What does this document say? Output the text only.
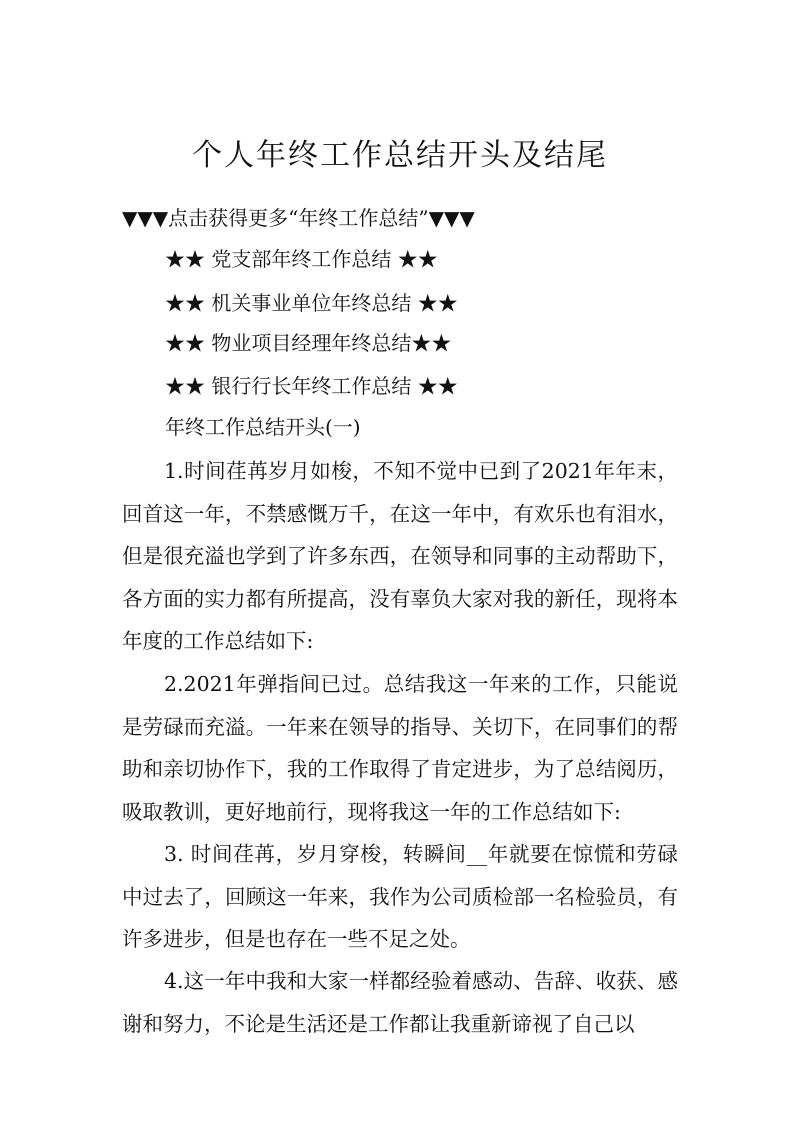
个人年终工作总结开头及结尾

▼▼▼点击获得更多“年终工作总结”▼▼▼

★★ 党支部年终工作总结 ★★

★★ 机关事业单位年终总结 ★★

★★ 物业项目经理年终总结★★

★★ 银行行长年终工作总结 ★★

年终工作总结开头(一)

1.时间荏苒岁月如梭，不知不觉中已到了2021年年末，回首这一年，不禁感慨万千，在这一年中，有欢乐也有泪水，但是很充溢也学到了许多东西，在领导和同事的主动帮助下，各方面的实力都有所提高，没有辜负大家对我的新任，现将本年度的工作总结如下:

2.2021年弹指间已过。总结我这一年来的工作，只能说是劳碌而充溢。一年来在领导的指导、关切下，在同事们的帮助和亲切协作下，我的工作取得了肯定进步，为了总结阅历，吸取教训，更好地前行，现将我这一年的工作总结如下:

3. 时间荏苒，岁月穿梭，转瞬间__年就要在惊慌和劳碌中过去了，回顾这一年来，我作为公司质检部一名检验员，有许多进步，但是也存在一些不足之处。

4.这一年中我和大家一样都经验着感动、告辞、收获、感谢和努力，不论是生活还是工作都让我重新谛视了自己以
